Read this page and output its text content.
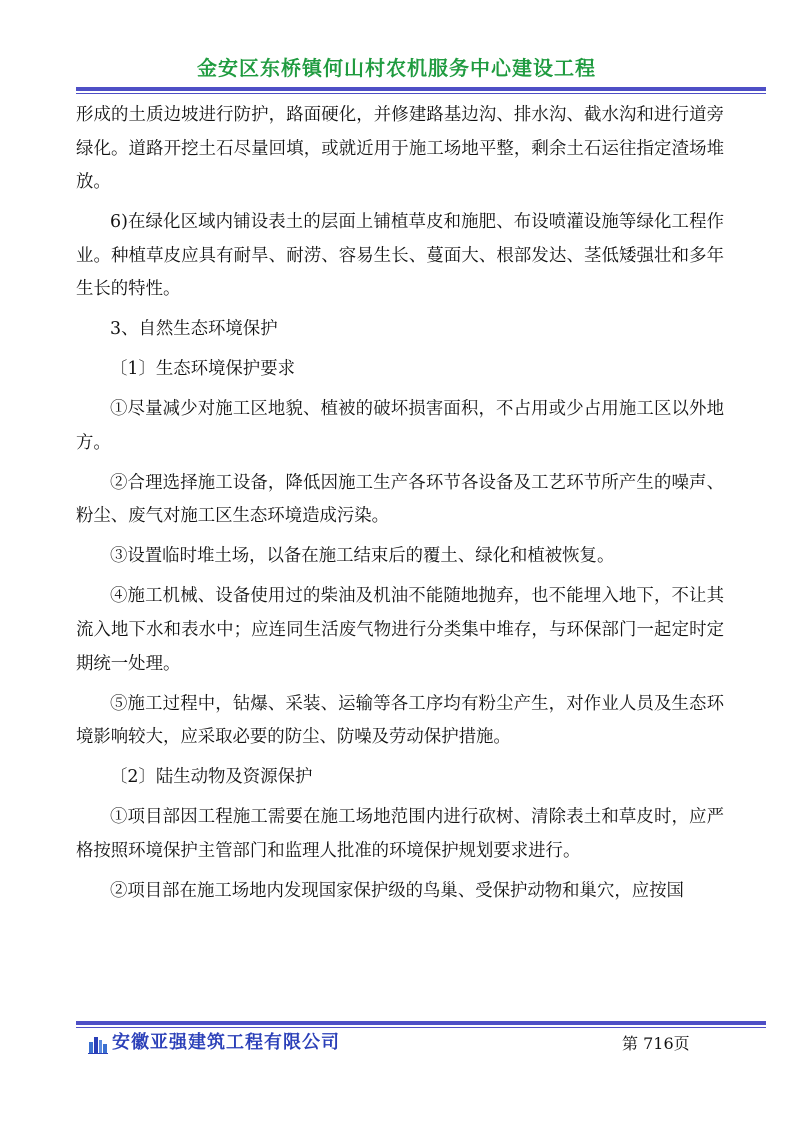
金安区东桥镇何山村农机服务中心建设工程

形成的土质边坡进行防护，路面硬化，并修建路基边沟、排水沟、截水沟和进行道旁绿化。道路开挖土石尽量回填，或就近用于施工场地平整，剩余土石运往指定渣场堆放。

6)在绿化区域内铺设表土的层面上铺植草皮和施肥、布设喷灌设施等绿化工程作业。种植草皮应具有耐旱、耐涝、容易生长、蔓面大、根部发达、茎低矮强壮和多年生长的特性。

3、自然生态环境保护

〔1〕生态环境保护要求

①尽量减少对施工区地貌、植被的破坏损害面积，不占用或少占用施工区以外地方。

②合理选择施工设备，降低因施工生产各环节各设备及工艺环节所产生的噪声、粉尘、废气对施工区生态环境造成污染。

③设置临时堆土场，以备在施工结束后的覆土、绿化和植被恢复。

④施工机械、设备使用过的柴油及机油不能随地抛弃，也不能埋入地下，不让其流入地下水和表水中；应连同生活废气物进行分类集中堆存，与环保部门一起定时定期统一处理。

⑤施工过程中，钻爆、采装、运输等各工序均有粉尘产生，对作业人员及生态环境影响较大，应采取必要的防尘、防噪及劳动保护措施。

〔2〕陆生动物及资源保护

①项目部因工程施工需要在施工场地范围内进行砍树、清除表土和草皮时，应严格按照环境保护主管部门和监理人批准的环境保护规划要求进行。

②项目部在施工场地内发现国家保护级的鸟巢、受保护动物和巢穴，应按国

安徽亚强建筑工程有限公司	第 716页
